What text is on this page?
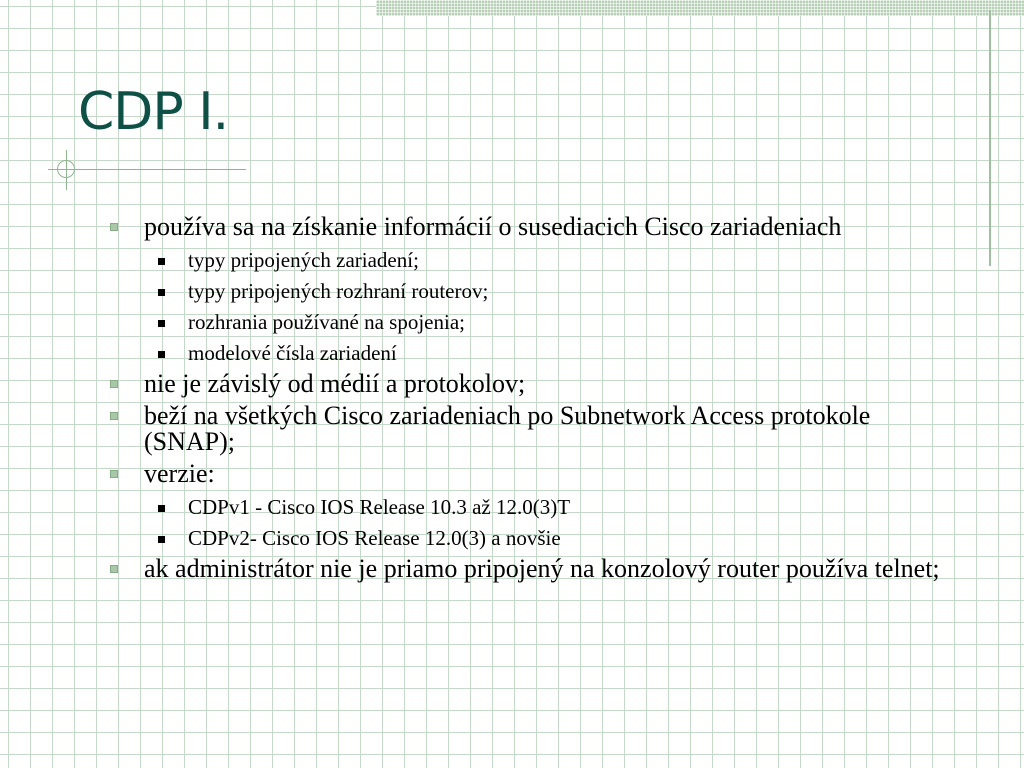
CDP I.
používa sa na získanie informácií o susediacich Cisco zariadeniach
typy pripojených zariadení;
typy pripojených rozhraní routerov;
rozhrania používané na spojenia;
modelové čísla zariadení
nie je závislý od médií a protokolov;
beží na všetkých Cisco zariadeniach po Subnetwork Access protokole (SNAP);
verzie:
CDPv1 - Cisco IOS Release 10.3 až 12.0(3)T
CDPv2- Cisco IOS Release 12.0(3) a novšie
ak administrátor nie je priamo pripojený na konzolový router používa telnet;
